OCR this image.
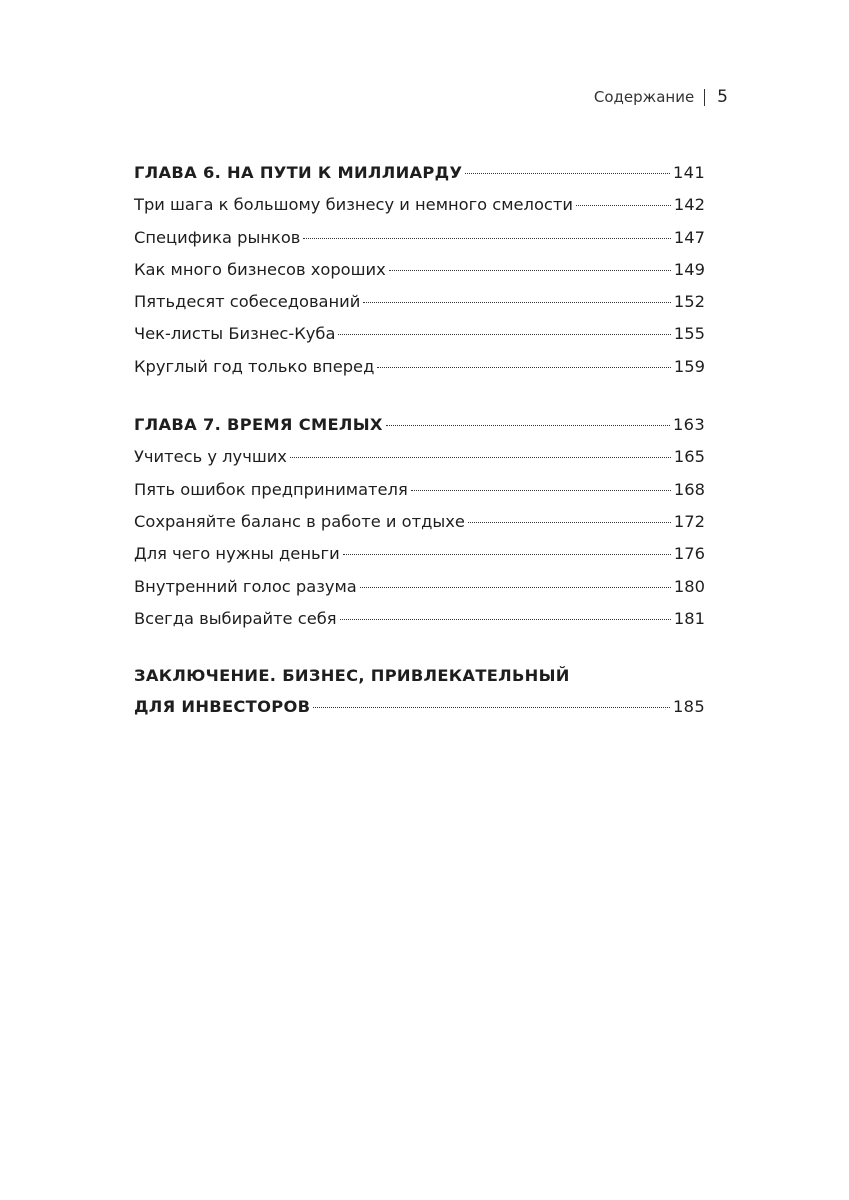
Содержание 5
ГЛАВА 6. НА ПУТИ К МИЛЛИАРДУ	141
Три шага к большому бизнесу и немного смелости	142
Специфика рынков	147
Как много бизнесов хороших	149
Пятьдесят собеседований	152
Чек-листы Бизнес-Куба	155
Круглый год только вперед	159
ГЛАВА 7. ВРЕМЯ СМЕЛЫХ	163
Учитесь у лучших	165
Пять ошибок предпринимателя	168
Сохраняйте баланс в работе и отдыхе	172
Для чего нужны деньги	176
Внутренний голос разума	180
Всегда выбирайте себя	181
ЗАКЛЮЧЕНИЕ. БИЗНЕС, ПРИВЛЕКАТЕЛЬНЫЙ
ДЛЯ ИНВЕСТОРОВ	185
